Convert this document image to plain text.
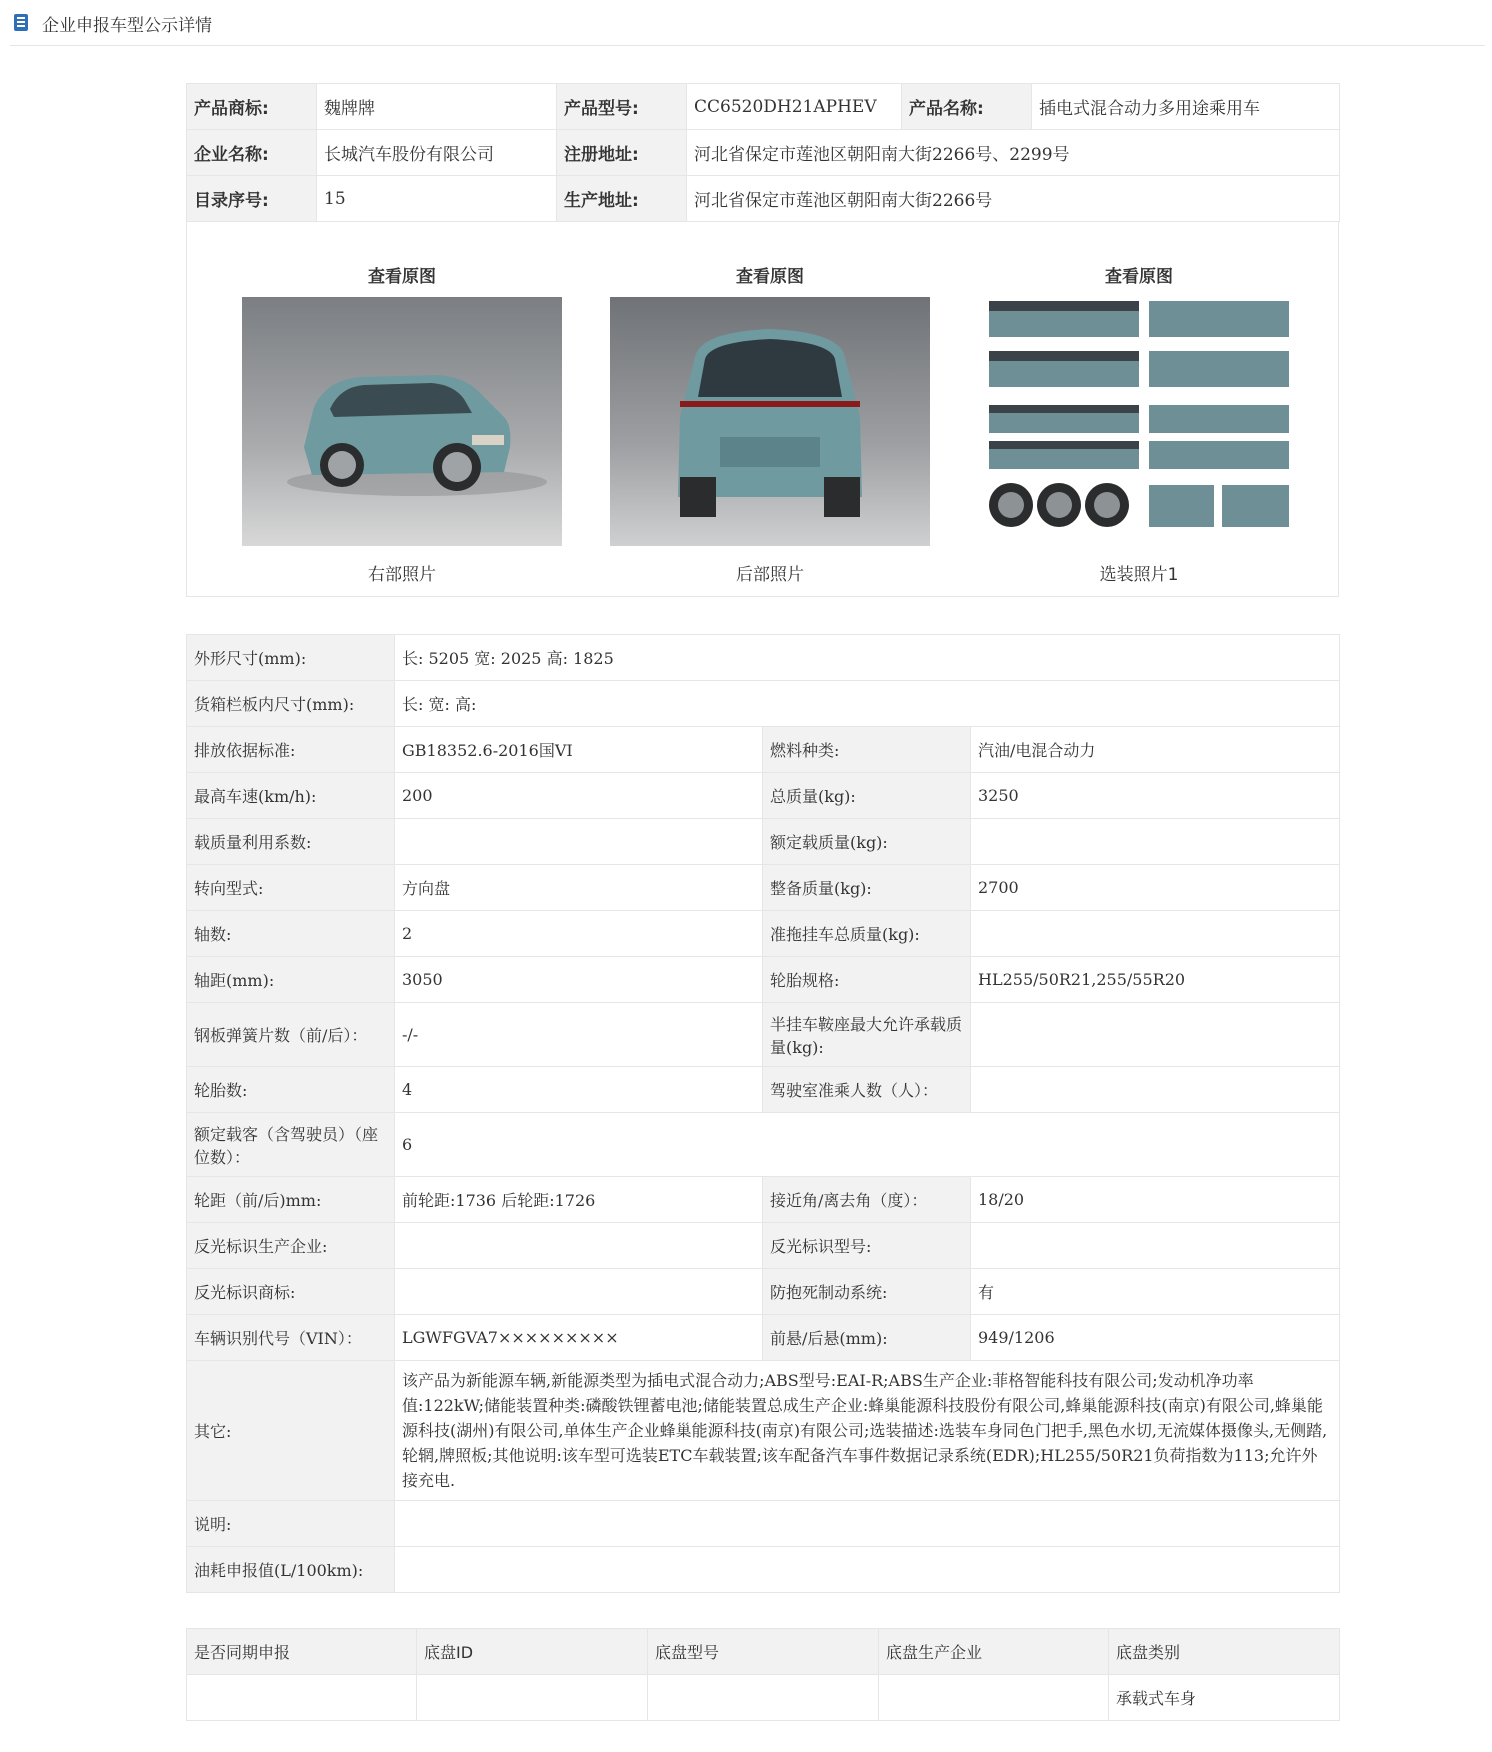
企业申报车型公示详情
产品商标:	魏牌牌	产品型号:	CC6520DH21APHEV	产品名称:	插电式混合动力多用途乘用车
企业名称:	长城汽车股份有限公司	注册地址:	河北省保定市莲池区朝阳南大街2266号、2299号		
目录序号:	15	生产地址:	河北省保定市莲池区朝阳南大街2266号		
查看原图
右部照片
查看原图
后部照片
查看原图
选装照片1
外形尺寸(mm):	长: 5205 宽: 2025 高: 1825		
货箱栏板内尺寸(mm):	长: 宽: 高:		
排放依据标准:	GB18352.6-2016国VI	燃料种类:	汽油/电混合动力
最高车速(km/h):	200	总质量(kg):	3250
载质量利用系数:		额定载质量(kg):	
转向型式:	方向盘	整备质量(kg):	2700
轴数:	2	准拖挂车总质量(kg):	
轴距(mm):	3050	轮胎规格:	HL255/50R21,255/55R20
钢板弹簧片数（前/后）：	-/-	半挂车鞍座最大允许承载质量(kg):	
轮胎数:	4	驾驶室准乘人数（人）：	
额定载客（含驾驶员）（座位数）：	6		
轮距（前/后)mm:	前轮距:1736 后轮距:1726	接近角/离去角（度）：	18/20
反光标识生产企业:		反光标识型号:	
反光标识商标:		防抱死制动系统:	有
车辆识别代号（VIN）：	LGWFGVA7×××××××××	前悬/后悬(mm):	949/1206
其它:	该产品为新能源车辆,新能源类型为插电式混合动力;ABS型号:EAI-R;ABS生产企业:菲格智能科技有限公司;发动机净功率值:122kW;储能装置种类:磷酸铁锂蓄电池;储能装置总成生产企业:蜂巢能源科技股份有限公司,蜂巢能源科技(南京)有限公司,蜂巢能源科技(湖州)有限公司,单体生产企业蜂巢能源科技(南京)有限公司;选装描述:选装车身同色门把手,黑色水切,无流媒体摄像头,无侧踏,轮辋,牌照板;其他说明:该车型可选装ETC车载装置;该车配备汽车事件数据记录系统(EDR);HL255/50R21负荷指数为113;允许外接充电.		
说明:			
油耗申报值(L/100km):			
是否同期申报	底盘ID	底盘型号	底盘生产企业	底盘类别
				承载式车身
